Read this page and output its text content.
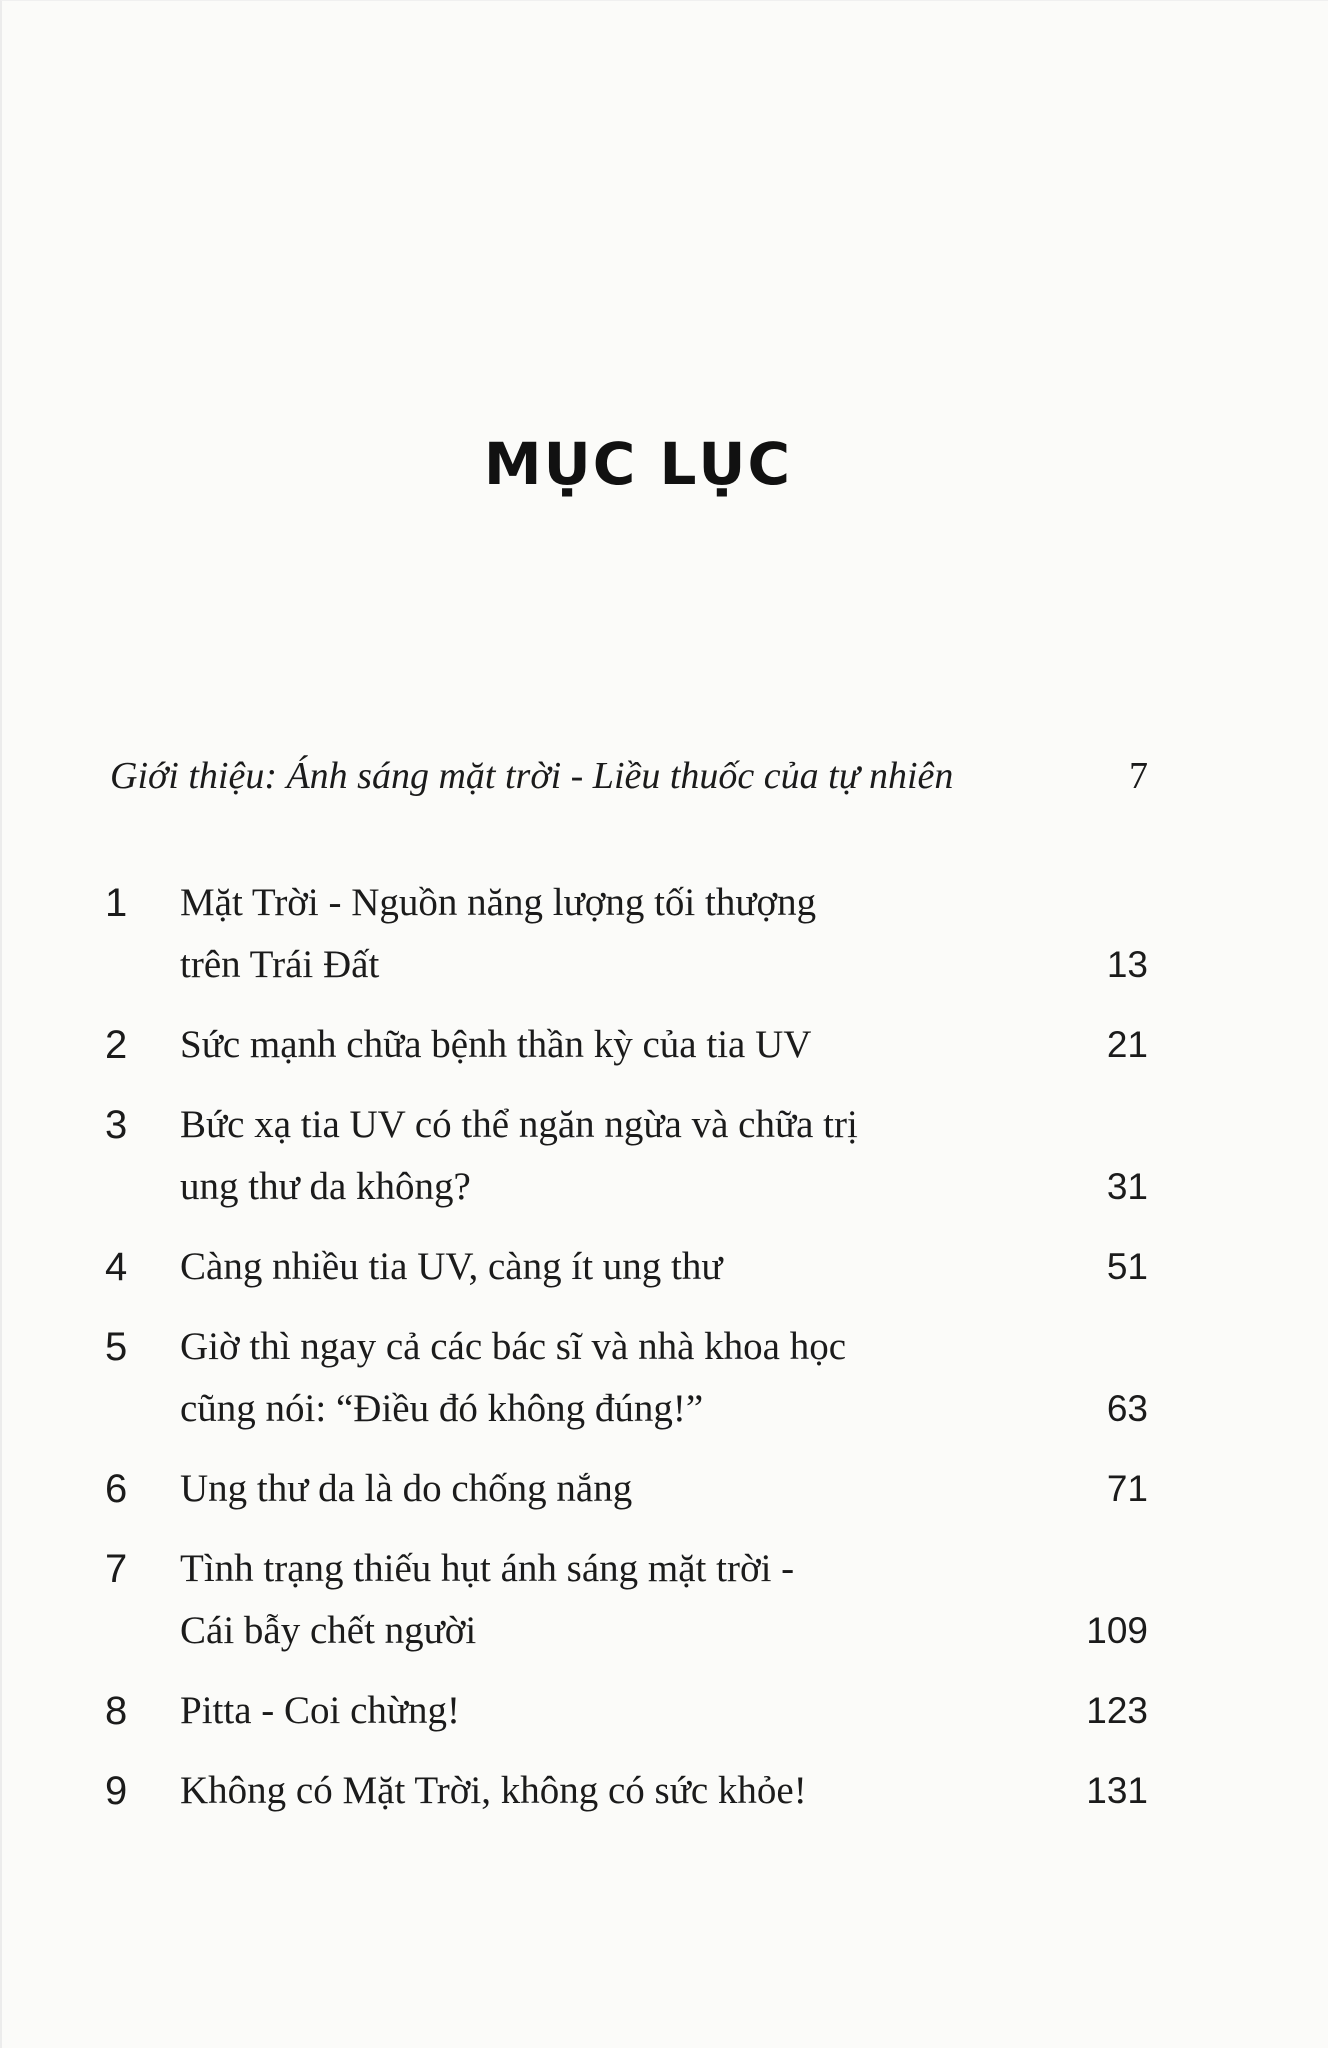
MỤC LỤC
Giới thiệu: Ánh sáng mặt trời - Liều thuốc của tự nhiên	7
1 Mặt Trời - Nguồn năng lượng tối thượng
trên Trái Đất	13
2 Sức mạnh chữa bệnh thần kỳ của tia UV	21
3 Bức xạ tia UV có thể ngăn ngừa và chữa trị
ung thư da không?	31
4 Càng nhiều tia UV, càng ít ung thư	51
5 Giờ thì ngay cả các bác sĩ và nhà khoa học
cũng nói: “Điều đó không đúng!”	63
6 Ung thư da là do chống nắng	71
7 Tình trạng thiếu hụt ánh sáng mặt trời -
Cái bẫy chết người	109
8 Pitta - Coi chừng!	123
9 Không có Mặt Trời, không có sức khỏe!	131
